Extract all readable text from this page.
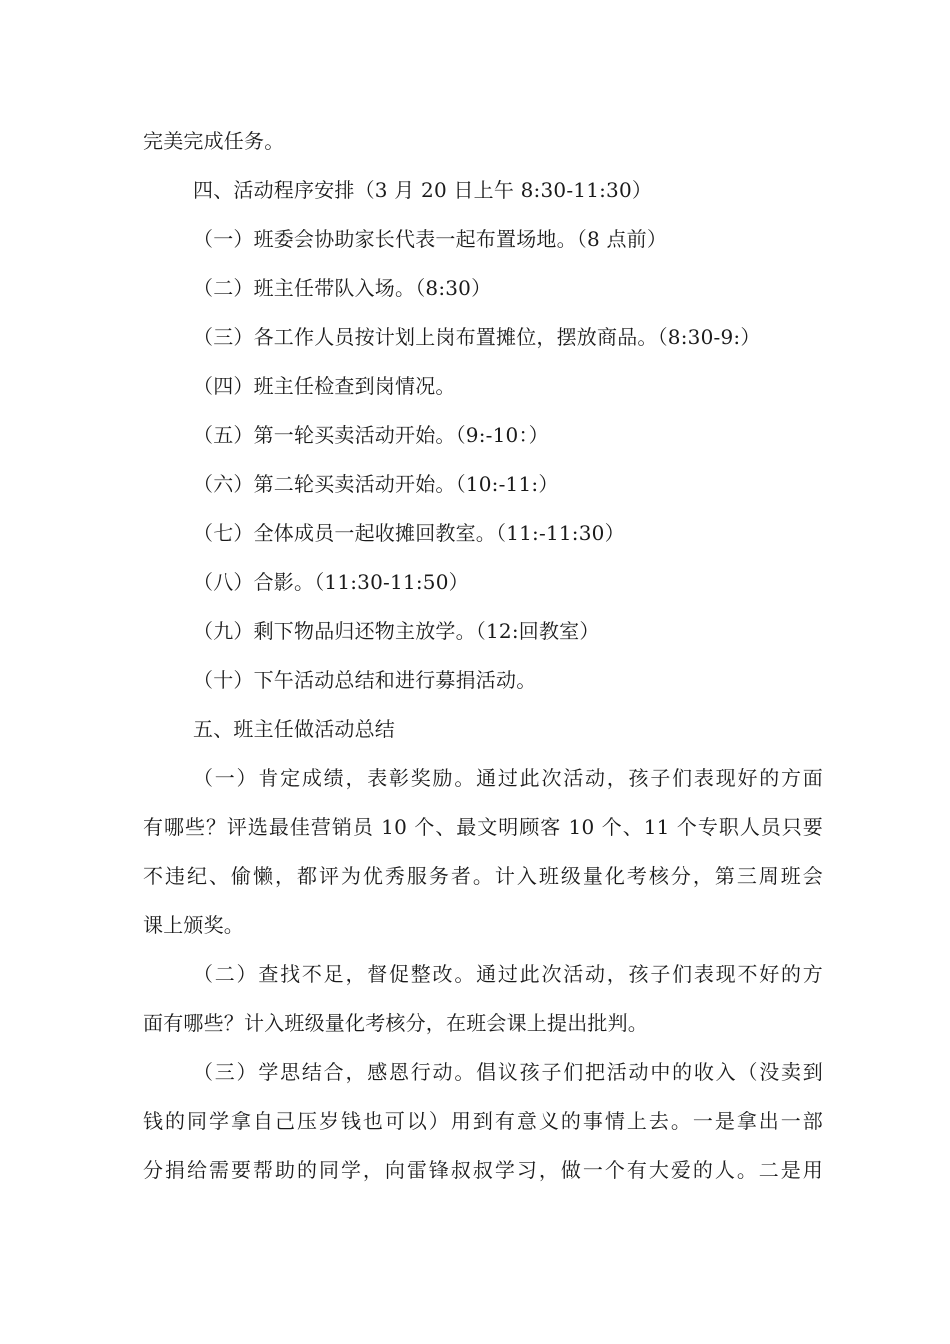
完美完成任务。
四、活动程序安排（3 月 20 日上午 8:30-11:30）
（一）班委会协助家长代表一起布置场地。（8 点前）
（二）班主任带队入场。（8:30）
（三）各工作人员按计划上岗布置摊位，摆放商品。（8:30-9:）
（四）班主任检查到岗情况。
（五）第一轮买卖活动开始。（9:-10：）
（六）第二轮买卖活动开始。（10:-11:）
（七）全体成员一起收摊回教室。（11:-11:30）
（八）合影。（11:30-11:50）
（九）剩下物品归还物主放学。（12:回教室）
（十）下午活动总结和进行募捐活动。
五、班主任做活动总结
（一）肯定成绩，表彰奖励。通过此次活动，孩子们表现好的方面
有哪些？评选最佳营销员 10 个、最文明顾客 10 个、11 个专职人员只要
不违纪、偷懒，都评为优秀服务者。计入班级量化考核分，第三周班会
课上颁奖。
（二）查找不足，督促整改。通过此次活动，孩子们表现不好的方
面有哪些？计入班级量化考核分，在班会课上提出批判。
（三）学思结合，感恩行动。倡议孩子们把活动中的收入（没卖到
钱的同学拿自己压岁钱也可以）用到有意义的事情上去。一是拿出一部
分捐给需要帮助的同学，向雷锋叔叔学习，做一个有大爱的人。二是用
